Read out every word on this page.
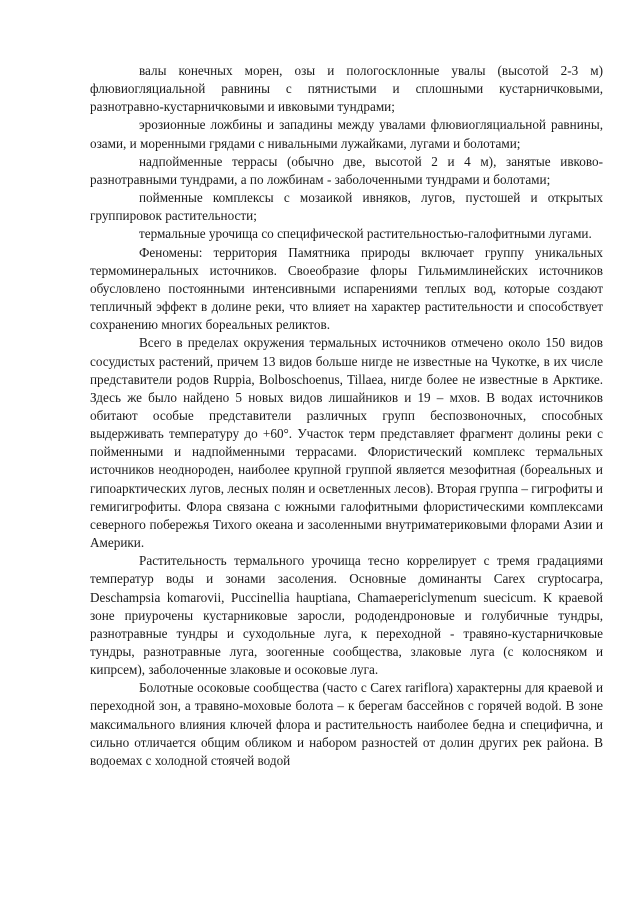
валы конечных морен, озы и пологосклонные увалы (высотой 2-3 м) флювиогляциальной равнины с пятнистыми и сплошными кустарничковыми, разнотравно-кустарничковыми и ивковыми тундрами;

эрозионные ложбины и западины между увалами флювиогляциальной равнины, озами, и моренными грядами с нивальными лужайками, лугами и болотами;

надпойменные террасы (обычно две, высотой 2 и 4 м), занятые ивково-разнотравными тундрами, а по ложбинам - заболоченными тундрами и болотами;

пойменные комплексы с мозаикой ивняков, лугов, пустошей и открытых группировок растительности;

термальные урочища со специфической растительностью-галофитными лугами.

Феномены: территория Памятника природы включает группу уникальных термоминеральных источников. Своеобразие флоры Гильмимлинейских источников обусловлено постоянными интенсивными испарениями теплых вод, которые создают тепличный эффект в долине реки, что влияет на характер растительности и способствует сохранению многих бореальных реликтов.

Всего в пределах окружения термальных источников отмечено около 150 видов сосудистых растений, причем 13 видов больше нигде не известные на Чукотке, в их числе представители родов Ruppia, Bolboschoenus, Tillaea, нигде более не известные в Арктике. Здесь же было найдено 5 новых видов лишайников и 19 – мхов. В водах источников обитают особые представители различных групп беспозвоночных, способных выдерживать температуру до +60°. Участок терм представляет фрагмент долины реки с пойменными и надпойменными террасами. Флористический комплекс термальных источников неоднороден, наиболее крупной группой является мезофитная (бореальных и гипоарктических лугов, лесных полян и осветленных лесов). Вторая группа – гигрофиты и гемигигрофиты. Флора связана с южными галофитными флористическими комплексами северного побережья Тихого океана и засоленными внутриматериковыми флорами Азии и Америки.

Растительность термального урочища тесно коррелирует с тремя градациями температур воды и зонами засоления. Основные доминанты Carex cryptocarpa, Deschampsia komarovii, Puccinellia hauptiana, Chamaepericlymenum suecicum. К краевой зоне приурочены кустарниковые заросли, рододендроновые и голубичные тундры, разнотравные тундры и суходольные луга, к переходной - травяно-кустарничковые тундры, разнотравные луга, зоогенные сообщества, злаковые луга (с колосняком и кипрсем), заболоченные злаковые и осоковые луга.

Болотные осоковые сообщества (часто с Carex rariflora) характерны для краевой и переходной зон, а травяно-моховые болота – к берегам бассейнов с горячей водой. В зоне максимального влияния ключей флора и растительность наиболее бедна и специфична, и сильно отличается общим обликом и набором разностей от долин других рек района. В водоемах с холодной стоячей водой
